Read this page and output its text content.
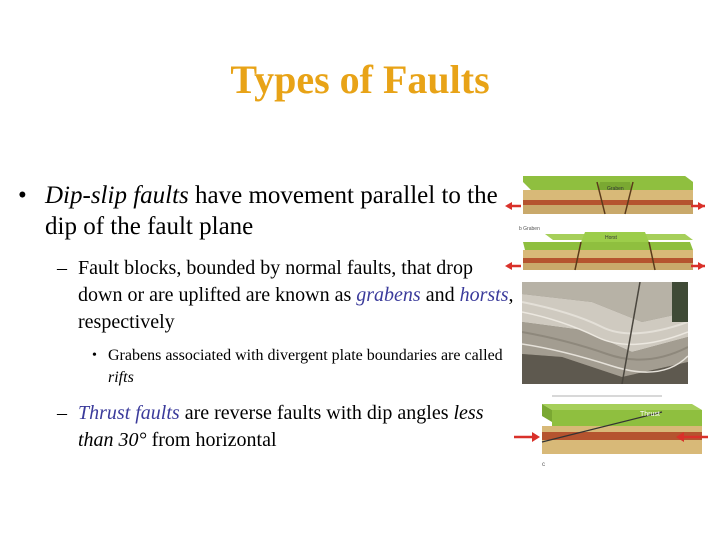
Types of Faults
• Dip-slip faults have movement parallel to the dip of the fault plane
– Fault blocks, bounded by normal faults, that drop down or are uplifted are known as grabens and horsts, respectively
• Grabens associated with divergent plate boundaries are called rifts
– Thrust faults are reverse faults with dip angles less than 30° from horizontal
Graben
b Graben
Horst
Thrust
c
